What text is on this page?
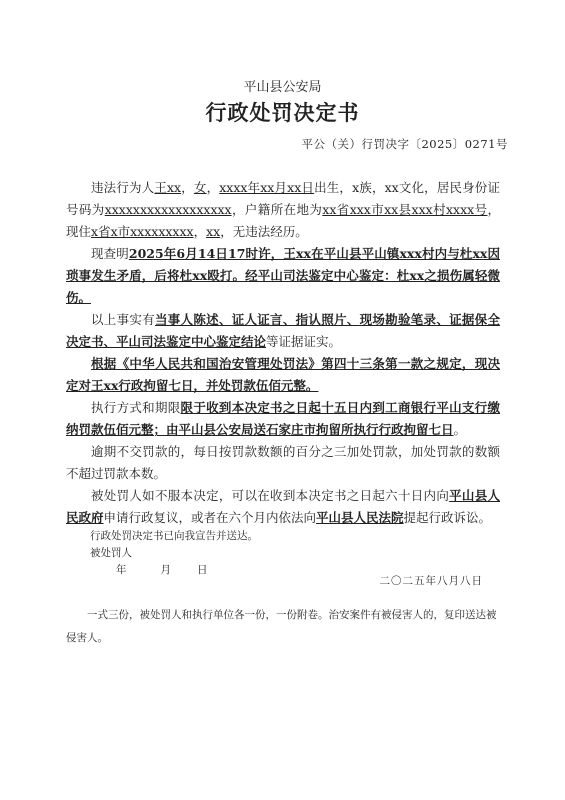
平山县公安局
行政处罚决定书
平公（关）行罚决字〔2025〕0271号

违法行为人王xx，女，xxxx年xx月xx日出生，x族，xx文化，居民身份证号码为xxxxxxxxxxxxxxxxxx，户籍所在地为xx省xxx市xx县xxx村xxxx号，现住x省x市xxxxxxxxx，xx，无违法经历。

现查明2025年6月14日17时许，王xx在平山县平山镇xxx村内与杜xx因琐事发生矛盾，后将杜xx殴打。经平山司法鉴定中心鉴定：杜xx之损伤属轻微伤。

以上事实有当事人陈述、证人证言、指认照片、现场勘验笔录、证据保全决定书、平山司法鉴定中心鉴定结论等证据证实。

根据《中华人民共和国治安管理处罚法》第四十三条第一款之规定，现决定对王xx行政拘留七日，并处罚款伍佰元整。

执行方式和期限限于收到本决定书之日起十五日内到工商银行平山支行缴纳罚款伍佰元整；由平山县公安局送石家庄市拘留所执行行政拘留七日。

逾期不交罚款的，每日按罚款数额的百分之三加处罚款，加处罚款的数额不超过罚款本数。

被处罚人如不服本决定，可以在收到本决定书之日起六十日内向平山县人民政府申请行政复议，或者在六个月内依法向平山县人民法院提起行政诉讼。

行政处罚决定书已向我宣告并送达。
被处罚人
年	月 日
二〇二五年八月八日
一式三份，被处罚人和执行单位各一份，一份附卷。治安案件有被侵害人的，复印送达被侵害人。
